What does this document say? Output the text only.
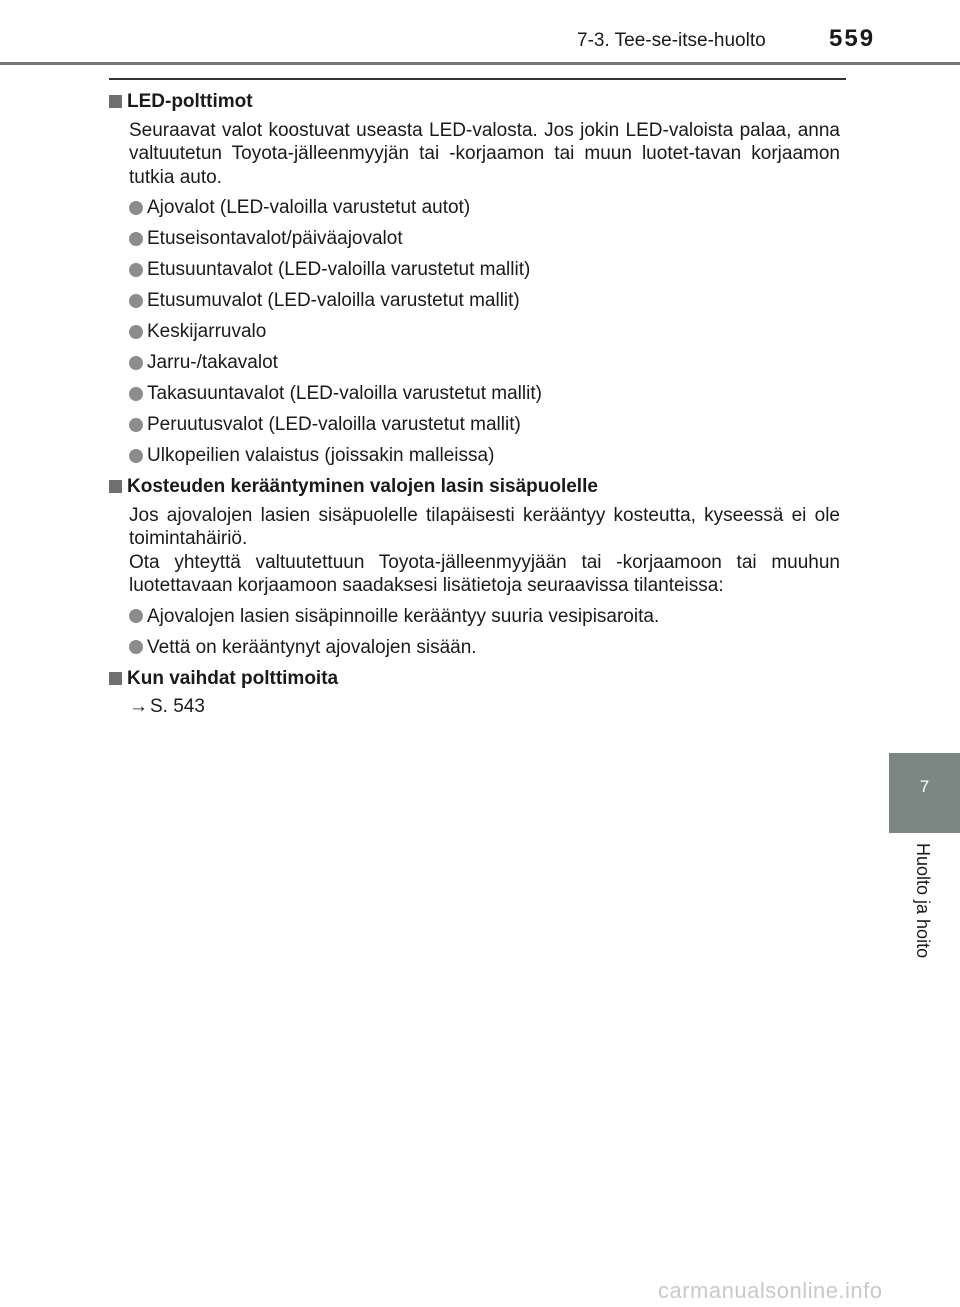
7-3. Tee-se-itse-huolto	559
LED-polttimot

Seuraavat valot koostuvat useasta LED-valosta. Jos jokin LED-valoista palaa, anna valtuutetun Toyota-jälleenmyyjän tai -korjaamon tai muun luotet-tavan korjaamon tutkia auto.

Ajovalot (LED-valoilla varustetut autot)
Etuseisontavalot/päiväajovalot
Etusuuntavalot (LED-valoilla varustetut mallit)
Etusumuvalot (LED-valoilla varustetut mallit)
Keskijarruvalo
Jarru-/takavalot
Takasuuntavalot (LED-valoilla varustetut mallit)
Peruutusvalot (LED-valoilla varustetut mallit)
Ulkopeilien valaistus (joissakin malleissa)
Kosteuden kerääntyminen valojen lasin sisäpuolelle

Jos ajovalojen lasien sisäpuolelle tilapäisesti kerääntyy kosteutta, kyseessä ei ole toimintahäiriö.

Ota yhteyttä valtuutettuun Toyota-jälleenmyyjään tai -korjaamoon tai muuhun luotettavaan korjaamoon saadaksesi lisätietoja seuraavissa tilanteissa:

Ajovalojen lasien sisäpinnoille kerääntyy suuria vesipisaroita.
Vettä on kerääntynyt ajovalojen sisään.
Kun vaihdat polttimoita
→ S. 543
7
Huolto ja hoito
carmanualsonline.info
